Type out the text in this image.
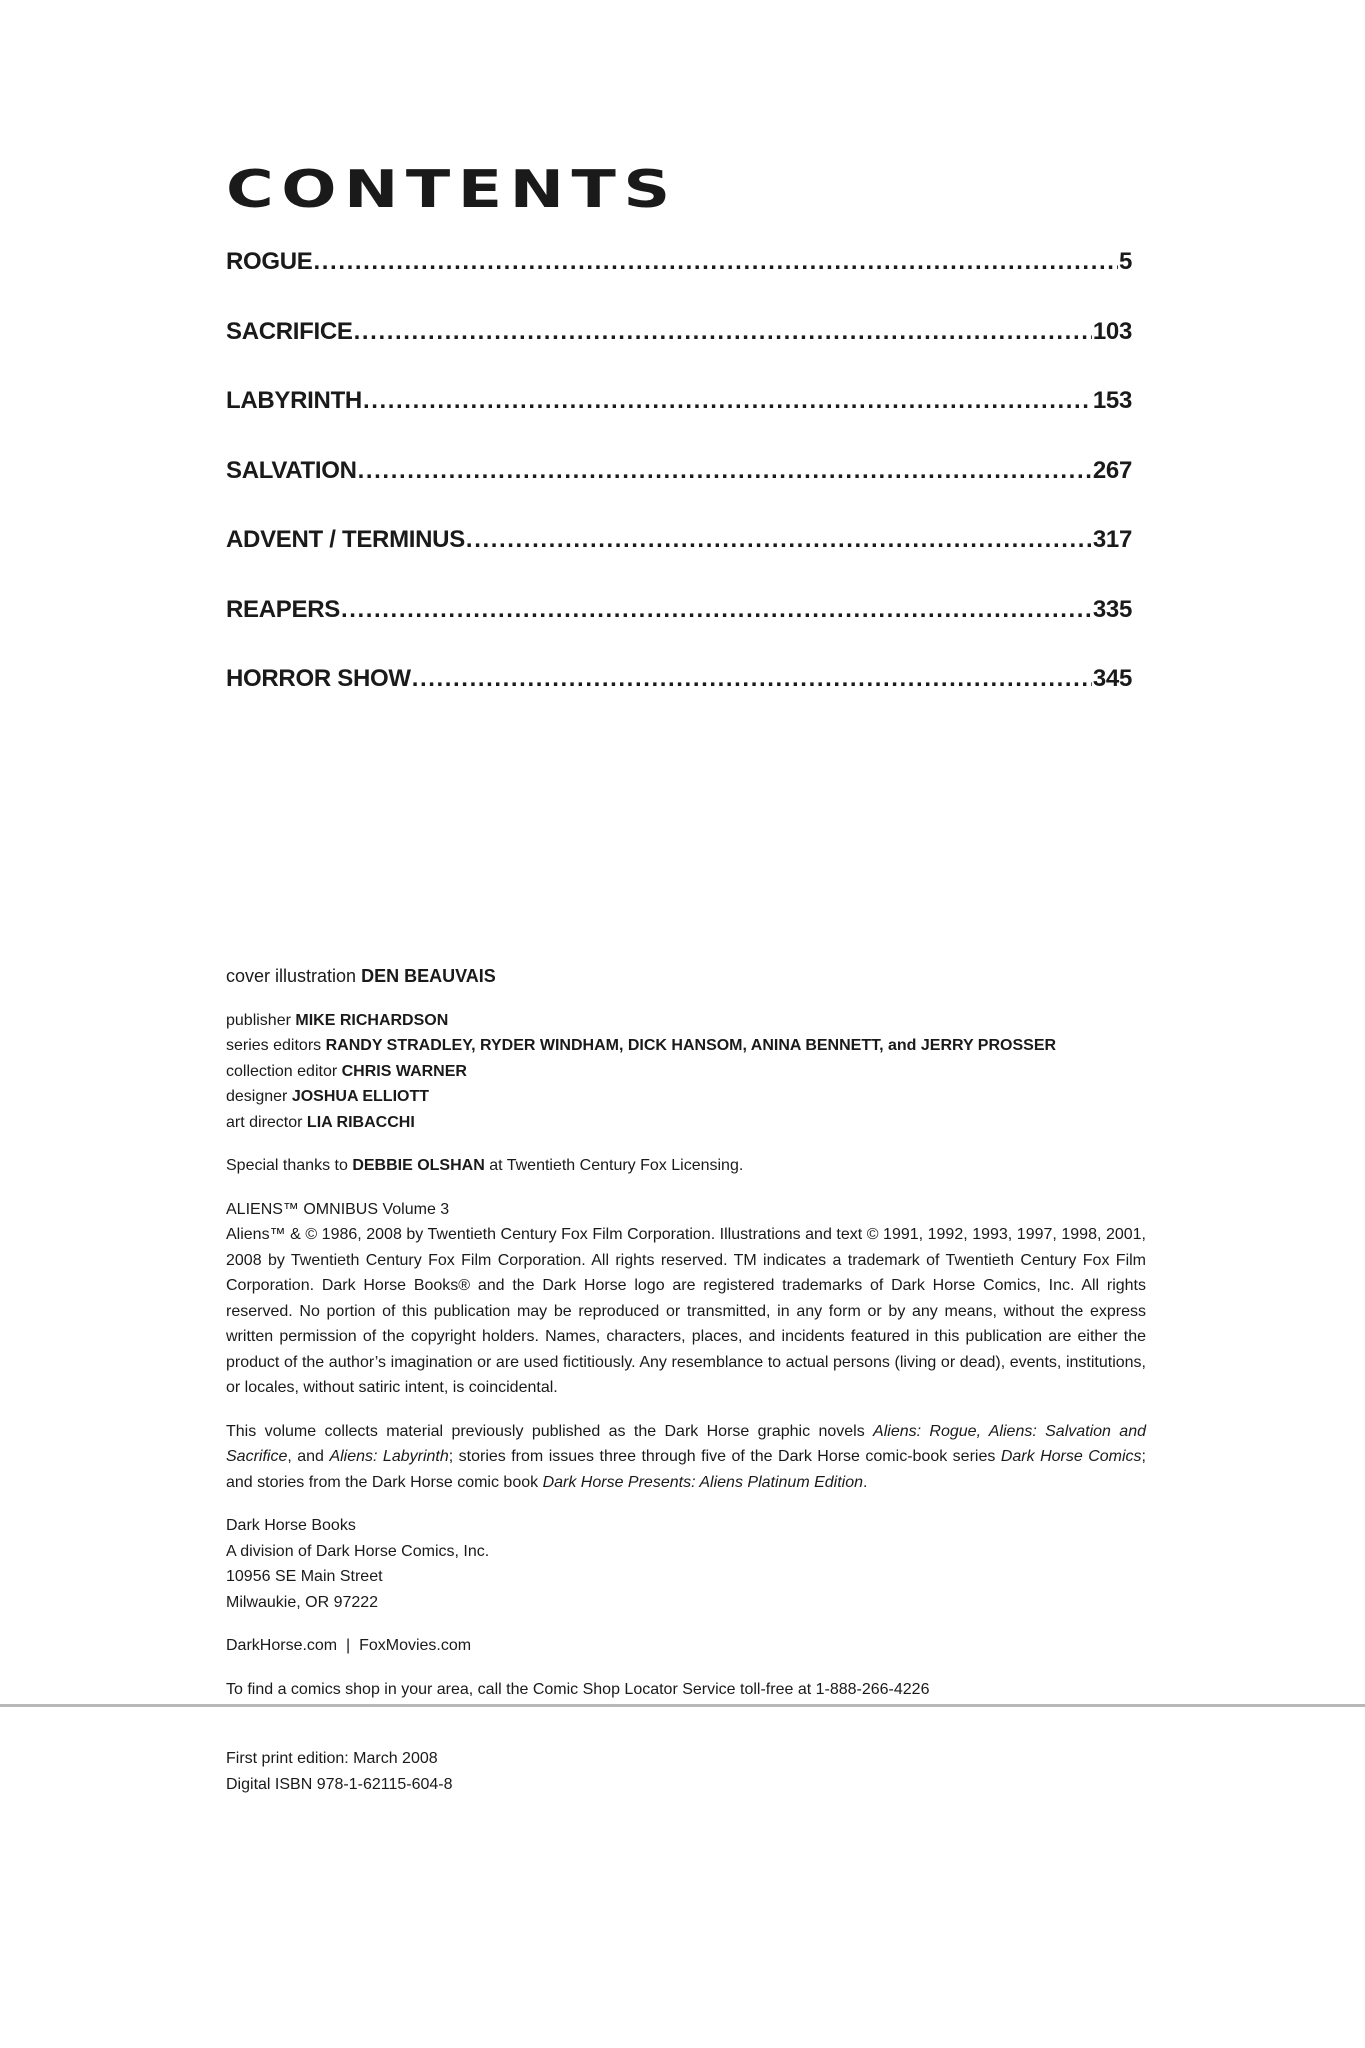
CONTENTS
ROGUE .....	5
SACRIFICE .....	103
LABYRINTH .....	153
SALVATION .....	267
ADVENT / TERMINUS .....	317
REAPERS .....	335
HORROR SHOW .....	345
cover illustration DEN BEAUVAIS
publisher MIKE RICHARDSON
series editors RANDY STRADLEY, RYDER WINDHAM, DICK HANSOM, ANINA BENNETT, and JERRY PROSSER
collection editor CHRIS WARNER
designer JOSHUA ELLIOTT
art director LIA RIBACCHI
Special thanks to DEBBIE OLSHAN at Twentieth Century Fox Licensing.
ALIENS™ OMNIBUS Volume 3
Aliens™ & © 1986, 2008 by Twentieth Century Fox Film Corporation. Illustrations and text © 1991, 1992, 1993, 1997, 1998, 2001, 2008 by Twentieth Century Fox Film Corporation. All rights reserved. TM indicates a trademark of Twentieth Century Fox Film Corporation. Dark Horse Books® and the Dark Horse logo are registered trademarks of Dark Horse Comics, Inc. All rights reserved. No portion of this publication may be reproduced or transmitted, in any form or by any means, without the express written permission of the copyright holders. Names, characters, places, and incidents featured in this publication are either the product of the author’s imagination or are used fictitiously. Any resemblance to actual persons (living or dead), events, institutions, or locales, without satiric intent, is coincidental.
This volume collects material previously published as the Dark Horse graphic novels Aliens: Rogue, Aliens: Salvation and Sacrifice, and Aliens: Labyrinth; stories from issues three through five of the Dark Horse comic-book series Dark Horse Comics; and stories from the Dark Horse comic book Dark Horse Presents: Aliens Platinum Edition.
Dark Horse Books
A division of Dark Horse Comics, Inc.
10956 SE Main Street
Milwaukie, OR 97222
DarkHorse.com | FoxMovies.com
To find a comics shop in your area, call the Comic Shop Locator Service toll-free at 1-888-266-4226
First print edition: March 2008
Digital ISBN 978-1-62115-604-8
